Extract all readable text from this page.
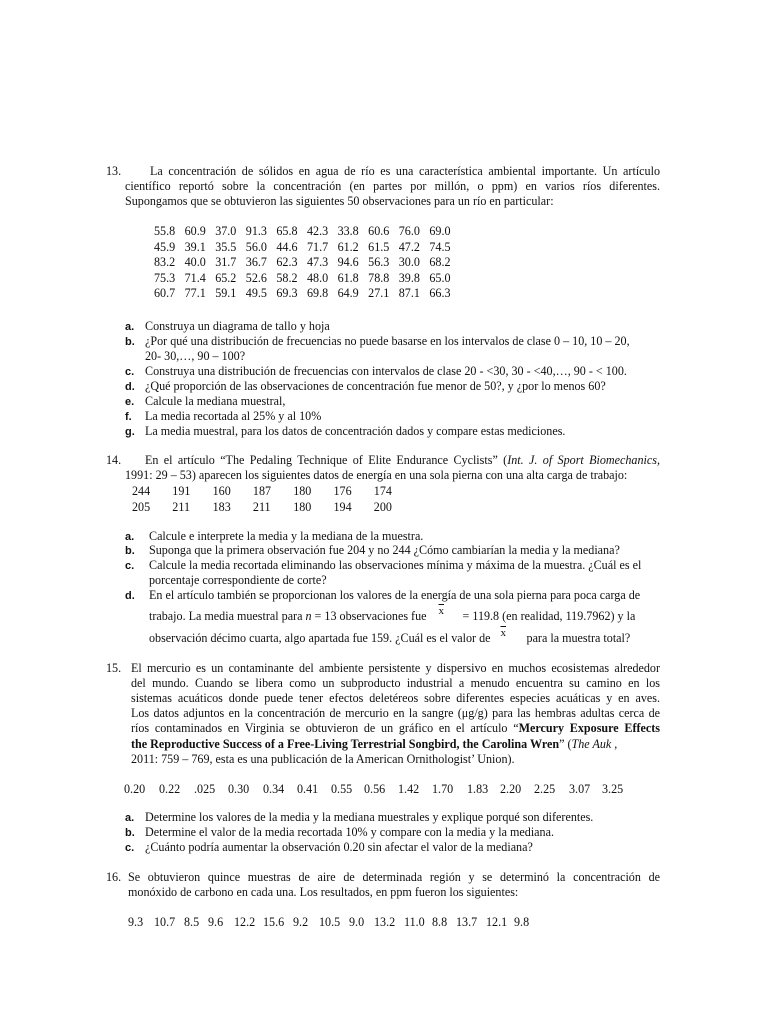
13. La concentración de sólidos en agua de río es una característica ambiental importante. Un artículo
científico reportó sobre la concentración (en partes por millón, o ppm) en varios ríos diferentes.
Supongamos que se obtuvieron las siguientes 50 observaciones para un río en particular:
55.8	60.9	37.0	91.3	65.8	42.3	33.8	60.6	76.0	69.0
45.9	39.1	35.5	56.0	44.6	71.7	61.2	61.5	47.2	74.5
83.2	40.0	31.7	36.7	62.3	47.3	94.6	56.3	30.0	68.2
75.3	71.4	65.2	52.6	58.2	48.0	61.8	78.8	39.8	65.0
60.7	77.1	59.1	49.5	69.3	69.8	64.9	27.1	87.1	66.3
a. Construya un diagrama de tallo y hoja
b. ¿Por qué una distribución de frecuencias no puede basarse en los intervalos de clase 0 – 10, 10 – 20,
20- 30,…, 90 – 100?
c. Construya una distribución de frecuencias con intervalos de clase 20 - <30, 30 - <40,…, 90 - < 100.
d. ¿Qué proporción de las observaciones de concentración fue menor de 50?, y ¿por lo menos 60?
e. Calcule la mediana muestral,
f. La media recortada al 25% y al 10%
g. La media muestral, para los datos de concentración dados y compare estas mediciones.
14. En el artículo “The Pedaling Technique of Elite Endurance Cyclists” (Int. J. of Sport Biomechanics,
1991: 29 – 53) aparecen los siguientes datos de energía en una sola pierna con una alta carga de trabajo:
244	191	160	187	180	176	174
205	211	183	211	180	194	200
a. Calcule e interprete la media y la mediana de la muestra.
b. Suponga que la primera observación fue 204 y no 244 ¿Cómo cambiarían la media y la mediana?
c. Calcule la media recortada eliminando las observaciones mínima y máxima de la muestra. ¿Cuál es el
porcentaje correspondiente de corte?
d. En el artículo también se proporcionan los valores de la energía de una sola pierna para poca carga de
trabajo. La media muestral para n = 13 observaciones fue $\overline{x} = 119.8$ (en realidad, 119.7962) y la
observación décimo cuarta, algo apartada fue 159. ¿Cuál es el valor de $\overline{x}$ para la muestra total?
15. El mercurio es un contaminante del ambiente persistente y dispersivo en muchos ecosistemas alrededor
del mundo. Cuando se libera como un subproducto industrial a menudo encuentra su camino en los
sistemas acuáticos donde puede tener efectos deletéreos sobre diferentes especies acuáticas y en aves.
Los datos adjuntos en la concentración de mercurio en la sangre (μg/g) para las hembras adultas cerca de
ríos contaminados en Virginia se obtuvieron de un gráfico en el artículo “Mercury Exposure Effects
the Reproductive Success of a Free-Living Terrestrial Songbird, the Carolina Wren” (The Auk ,
2011: 759 – 769, esta es una publicación de la American Ornithologist’ Union).
0.20 0.22 .025 0.30 0.34 0.41 0.55 0.56 1.42 1.70 1.83 2.20 2.25 3.07 3.25
a. Determine los valores de la media y la mediana muestrales y explique porqué son diferentes.
b. Determine el valor de la media recortada 10% y compare con la media y la mediana.
c. ¿Cuánto podría aumentar la observación 0.20 sin afectar el valor de la mediana?
16. Se obtuvieron quince muestras de aire de determinada región y se determinó la concentración de
monóxido de carbono en cada una. Los resultados, en ppm fueron los siguientes:
9.3 10.7 8.5 9.6 12.2 15.6 9.2 10.5 9.0 13.2 11.0 8.8 13.7 12.1 9.8
